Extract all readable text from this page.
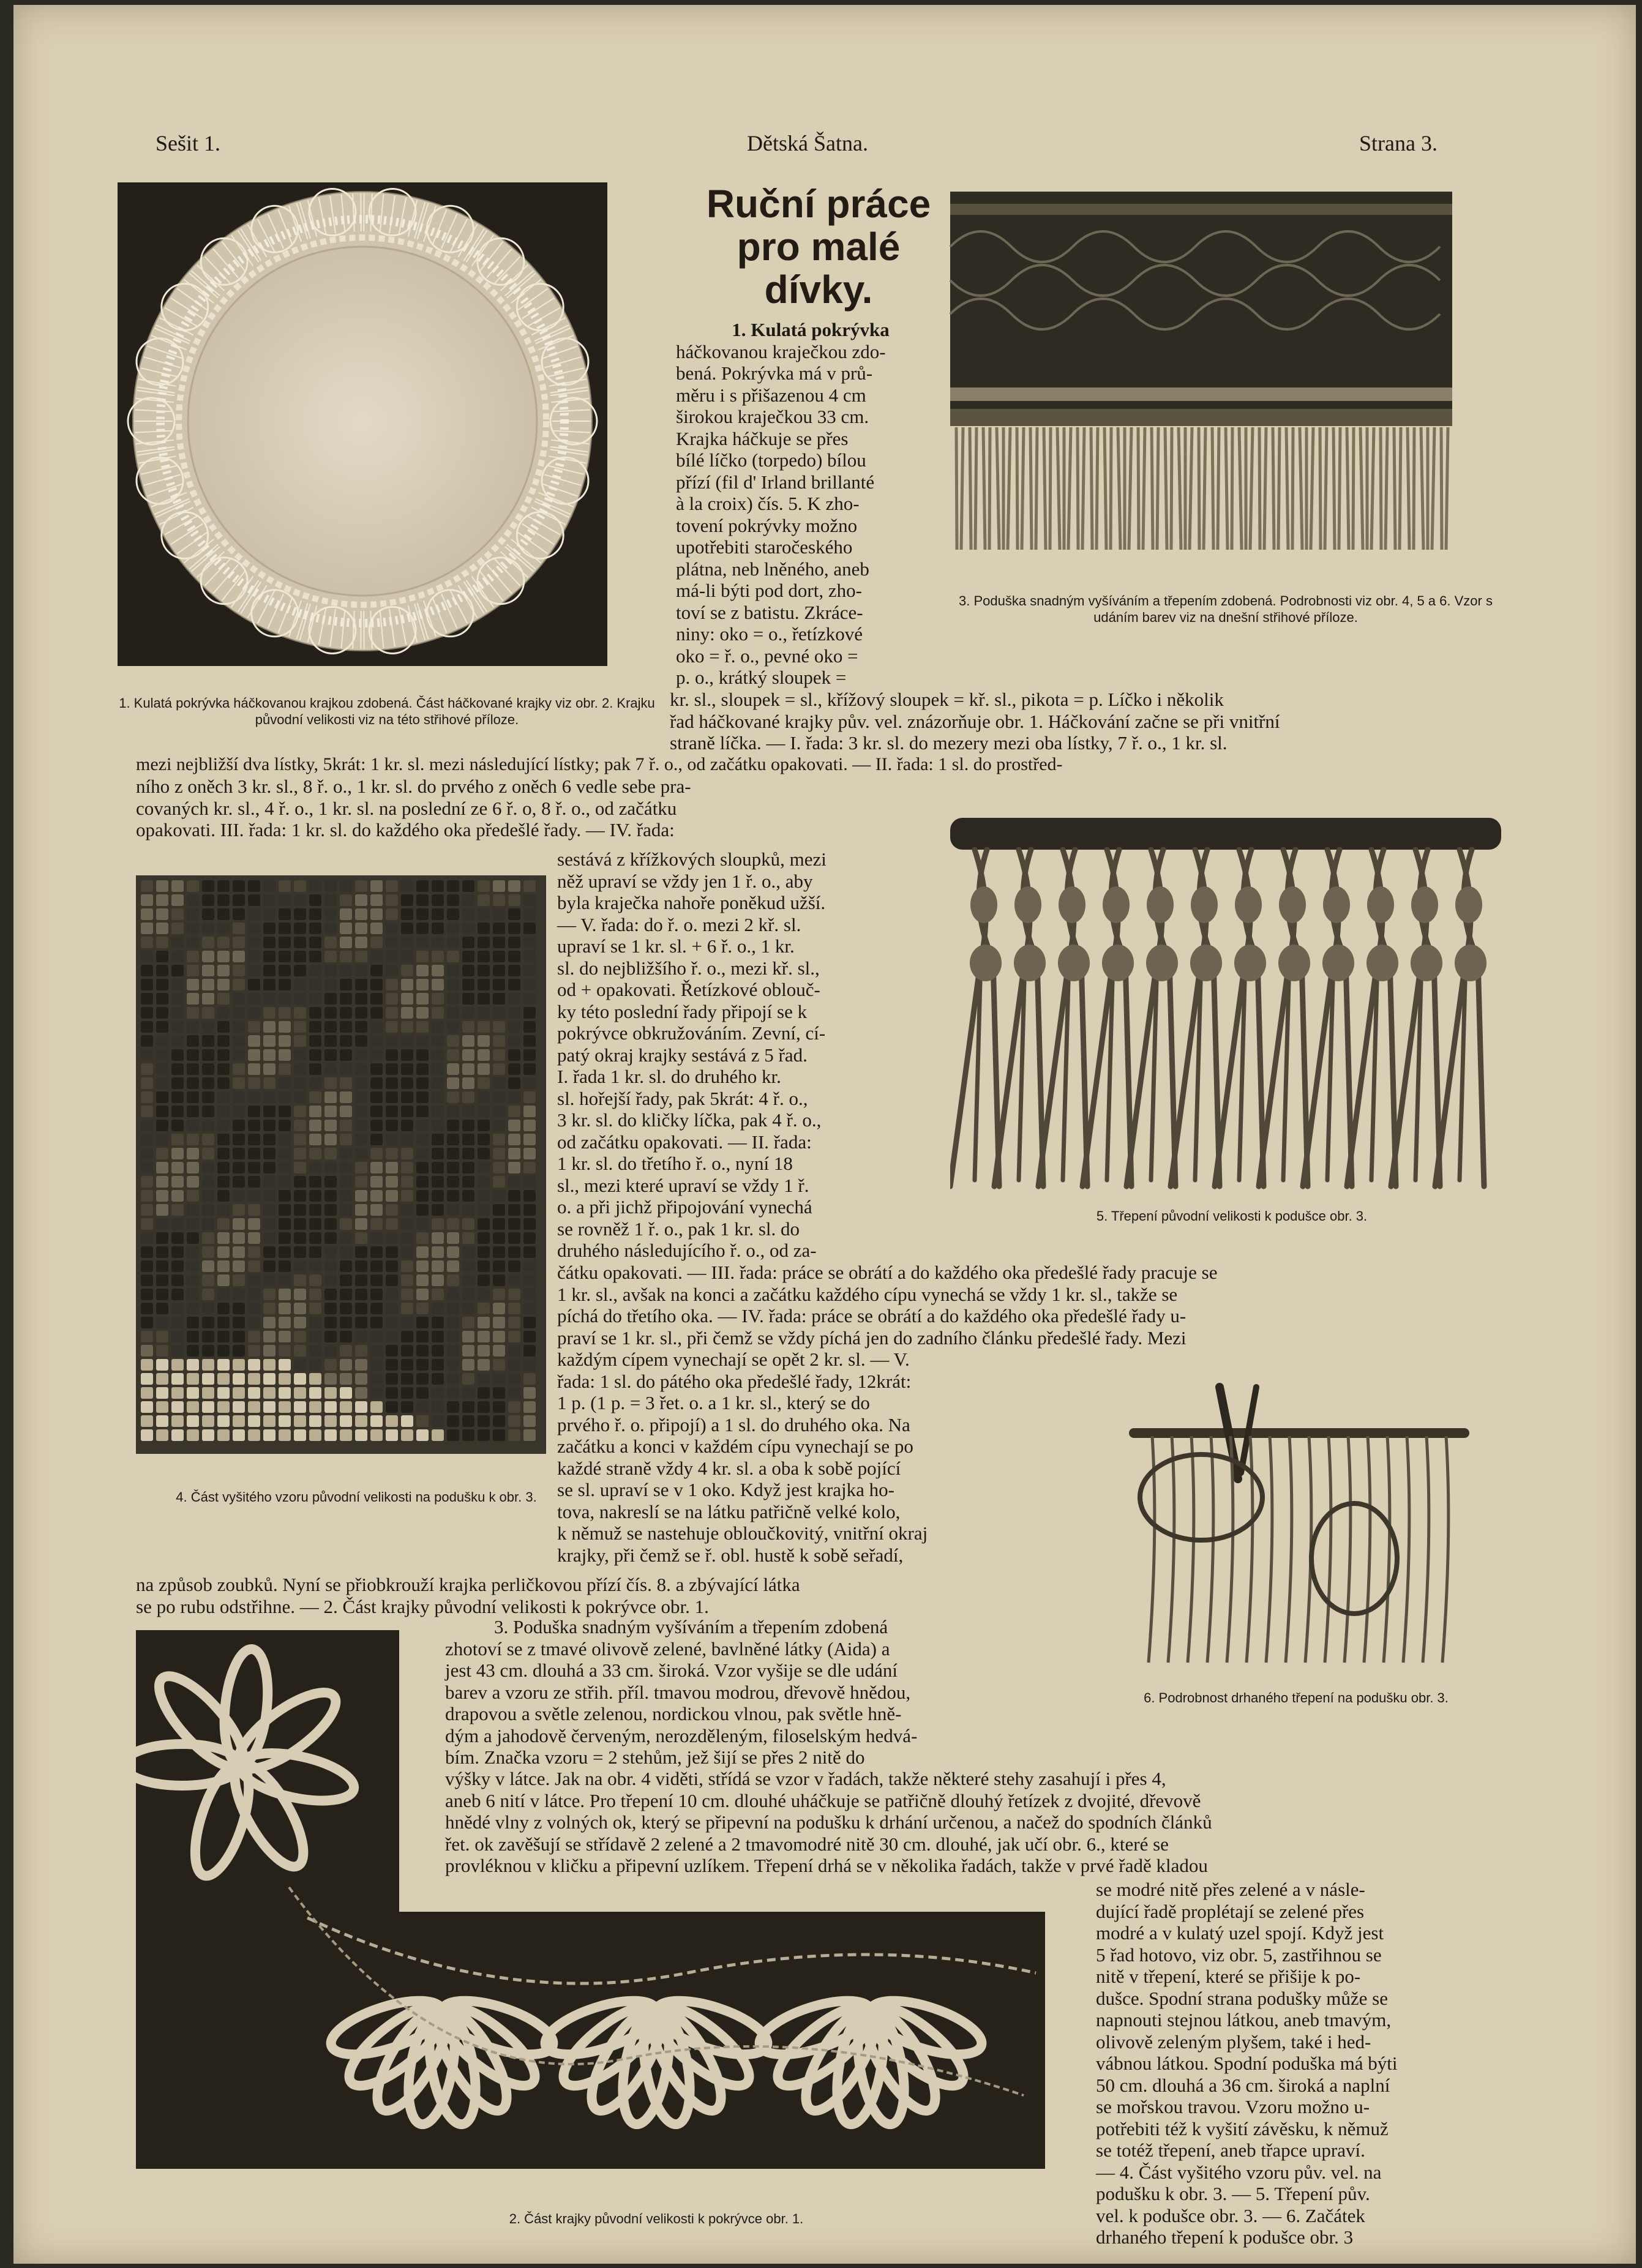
Sešit 1.	Dětská Šatna.	Strana 3.
Ruční práce
pro malé
dívky.
1. Kulatá pokrývka háčkovanou krajkou zdobená. Část háčkované krajky viz obr. 2. Krajku původní velikosti viz na této střihové příloze.
3. Poduška snadným vyšíváním a třepením zdobená. Podrobnosti viz obr. 4, 5 a 6. Vzor s udáním barev viz na dnešní střihové příloze.
1. Kulatá pokrývka
háčkovanou kraječkou zdo-
bená. Pokrývka má v prů-
měru i s přišazenou 4 cm
širokou kraječkou 33 cm.
Krajka háčkuje se přes
bílé líčko (torpedo) bílou
přízí (fil d' Irland brillanté
à la croix) čís. 5. K zho-
tovení pokrývky možno
upotřebiti staročeského
plátna, neb lněného, aneb
má-li býti pod dort, zho-
toví se z batistu. Zkráce-
niny: oko = o., řetízkové
oko = ř. o., pevné oko =
p. o., krátký sloupek =
kr. sl., sloupek = sl., křížový sloupek = kř. sl., pikota = p. Líčko i několik
řad háčkované krajky pův. vel. znázorňuje obr. 1. Háčkování začne se při vnitřní
straně líčka. — I. řada: 3 kr. sl. do mezery mezi oba lístky, 7 ř. o., 1 kr. sl.
mezi nejbližší dva lístky, 5krát: 1 kr. sl. mezi následující lístky; pak 7 ř. o., od začátku opakovati. — II. řada: 1 sl. do prostřed-
ního z oněch 3 kr. sl., 8 ř. o., 1 kr. sl. do prvého z oněch 6 vedle sebe pra-
covaných kr. sl., 4 ř. o., 1 kr. sl. na poslední ze 6 ř. o, 8 ř. o., od začátku
opakovati. III. řada: 1 kr. sl. do každého oka předešlé řady. — IV. řada:
4. Část vyšitého vzoru původní velikosti na podušku k obr. 3.
sestává z křížkových sloupků, mezi
něž upraví se vždy jen 1 ř. o., aby
byla kraječka nahoře poněkud užší.
— V. řada: do ř. o. mezi 2 kř. sl.
upraví se 1 kr. sl. + 6 ř. o., 1 kr.
sl. do nejbližšího ř. o., mezi kř. sl.,
od + opakovati. Řetízkové oblouč-
ky této poslední řady připojí se k
pokrývce obkružováním. Zevní, cí-
patý okraj krajky sestává z 5 řad.
I. řada 1 kr. sl. do druhého kr.
sl. hořejší řady, pak 5krát: 4 ř. o.,
3 kr. sl. do kličky líčka, pak 4 ř. o.,
od začátku opakovati. — II. řada:
1 kr. sl. do třetího ř. o., nyní 18
sl., mezi které upraví se vždy 1 ř.
o. a při jichž připojování vynechá
se rovněž 1 ř. o., pak 1 kr. sl. do
druhého následujícího ř. o., od za-
čátku opakovati. — III. řada: práce se obrátí a do každého oka předešlé řady pracuje se
1 kr. sl., avšak na konci a začátku každého cípu vynechá se vždy 1 kr. sl., takže se
píchá do třetího oka. — IV. řada: práce se obrátí a do každého oka předešlé řady u-
praví se 1 kr. sl., při čemž se vždy píchá jen do zadního článku předešlé řady. Mezi
5. Třepení původní velikosti k podušce obr. 3.
každým cípem vynechají se opět 2 kr. sl. — V.
řada: 1 sl. do pátého oka předešlé řady, 12krát:
1 p. (1 p. = 3 řet. o. a 1 kr. sl., který se do
prvého ř. o. připojí) a 1 sl. do druhého oka. Na
začátku a konci v každém cípu vynechají se po
každé straně vždy 4 kr. sl. a oba k sobě pojící
se sl. upraví se v 1 oko. Když jest krajka ho-
tova, nakreslí se na látku patřičně velké kolo,
k němuž se nastehuje obloučkovitý, vnitřní okraj
krajky, při čemž se ř. obl. hustě k sobě seřadí,
6. Podrobnost drhaného třepení na podušku obr. 3.
na způsob zoubků. Nyní se přiobkrouží krajka perličkovou přízí čís. 8. a zbývající látka
se po rubu odstřihne. — 2. Část krajky původní velikosti k pokrývce obr. 1.
3. Poduška snadným vyšíváním a třepením zdobená
zhotoví se z tmavé olivově zelené, bavlněné látky (Aida) a
jest 43 cm. dlouhá a 33 cm. široká. Vzor vyšije se dle udání
barev a vzoru ze střih. příl. tmavou modrou, dřevově hnědou,
drapovou a světle zelenou, nordickou vlnou, pak světle hně-
dým a jahodově červeným, nerozděleným, filoselským hedvá-
bím. Značka vzoru = 2 stehům, jež šijí se přes 2 nitě do
výšky v látce. Jak na obr. 4 viděti, střídá se vzor v řadách, takže některé stehy zasahují i přes 4,
aneb 6 nití v látce. Pro třepení 10 cm. dlouhé uháčkuje se patřičně dlouhý řetízek z dvojité, dřevově
hnědé vlny z volných ok, který se připevní na podušku k drhání určenou, a načež do spodních článků
řet. ok zavěšují se střídavě 2 zelené a 2 tmavomodré nitě 30 cm. dlouhé, jak učí obr. 6., které se
provléknou v kličku a připevní uzlíkem. Třepení drhá se v několika řadách, takže v prvé řadě kladou
2. Část krajky původní velikosti k pokrývce obr. 1.
se modré nitě přes zelené a v násle-
dující řadě proplétají se zelené přes
modré a v kulatý uzel spojí. Když jest
5 řad hotovo, viz obr. 5, zastřihnou se
nitě v třepení, které se přišije k po-
dušce. Spodní strana podušky může se
napnouti stejnou látkou, aneb tmavým,
olivově zeleným plyšem, také i hed-
vábnou látkou. Spodní poduška má býti
50 cm. dlouhá a 36 cm. široká a naplní
se mořskou travou. Vzoru možno u-
potřebiti též k vyšití závěsku, k němuž
se totéž třepení, aneb třapce upraví.
— 4. Část vyšitého vzoru pův. vel. na
podušku k obr. 3. — 5. Třepení pův.
vel. k podušce obr. 3. — 6. Začátek
drhaného třepení k podušce obr. 3
